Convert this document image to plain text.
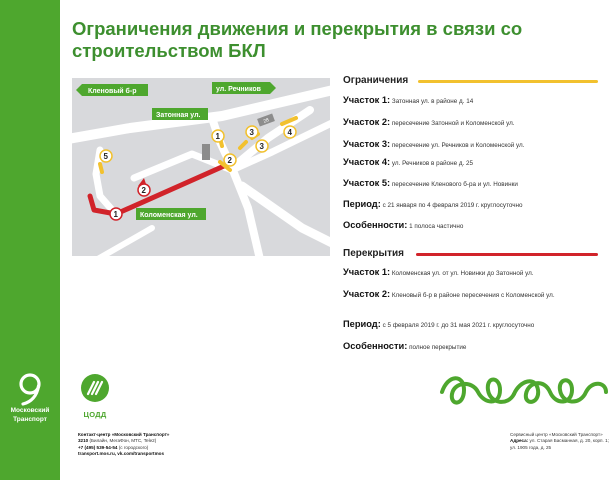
Московский
Транспорт
Ограничения движения и перекрытия в связи со строительством БКЛ
28
Кленовый б-р	ул. Речников
Затонная ул.
Коломенская ул.
1
2
3
3
4
5
1
2
Ограничения
Участок 1: Затонная ул. в районе д. 14
Участок 2: пересечение Затонной и Коломенской ул.
Участок 3: пересечение ул. Речников и Коломенской ул.
Участок 4: ул. Речников в районе д. 25
Участок 5: пересечение Кленового б-ра и ул. Новинки
Период: с 21 января по 4 февраля 2019 г. круглосуточно
Особенности: 1 полоса частично
Перекрытия
Участок 1: Коломенская ул. от ул. Новинки до Затонной ул.
Участок 2: Кленовый б-р в районе пересечения с Коломенской ул.
Период: с 5 февраля 2019 г. до 31 мая 2021 г. круглосуточно
Особенности: полное перекрытие
ЦОДД
Контакт-центр «Московский Транспорт»
3210 (Билайн, МегаФон, МТС, Tele2)
+7 (495) 539-54-54 (с городского)
transport.mos.ru, vk.com/transportmos
Сервисный центр «Московский Транспорт»
Адреса: ул. Старая Басманная, д. 20, корп. 1;
ул. 1905 года, д. 25
